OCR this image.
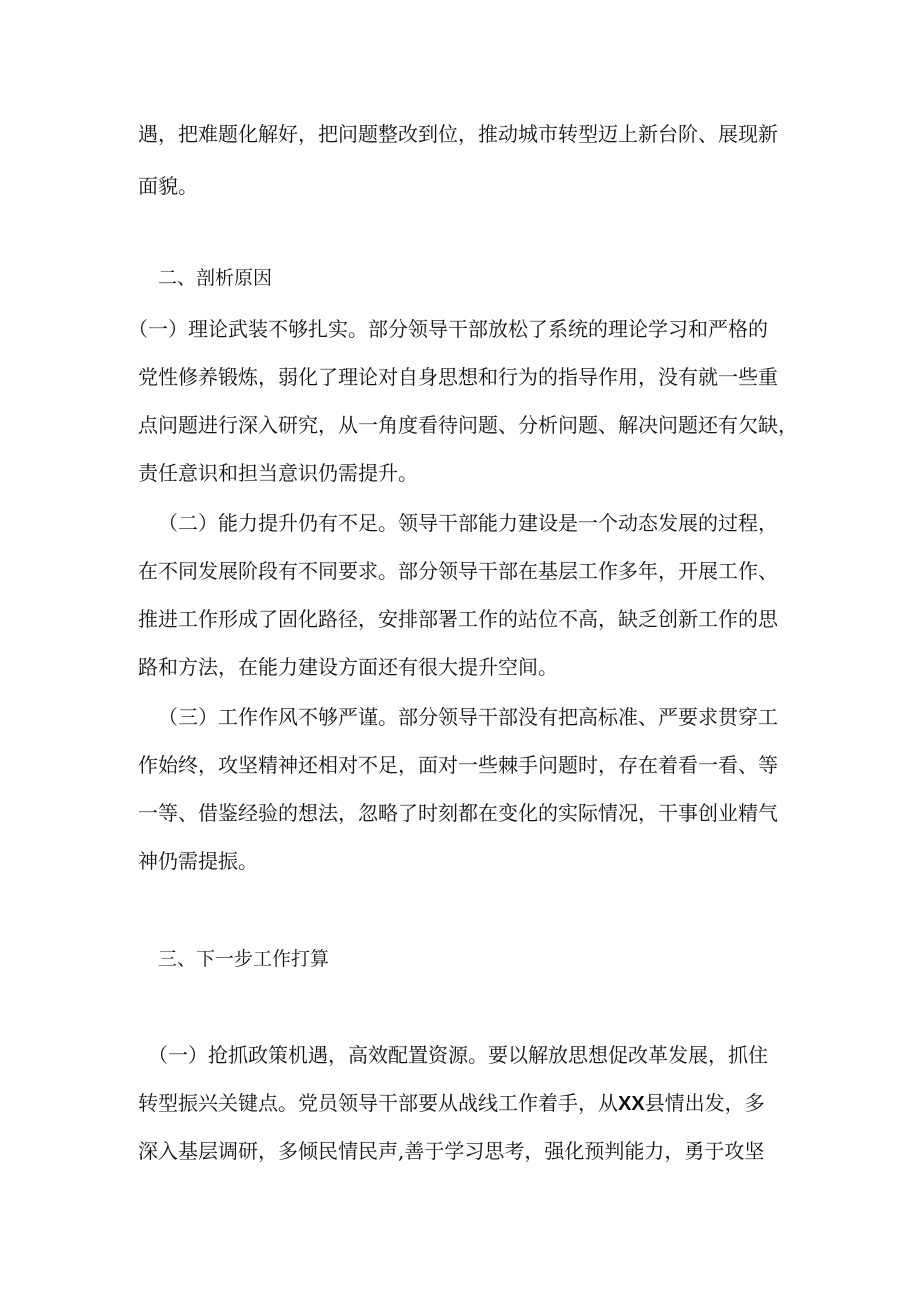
遇，把难题化解好，把问题整改到位，推动城市转型迈上新台阶、展现新
面貌。
二、剖析原因
（一）理论武装不够扎实。部分领导干部放松了系统的理论学习和严格的
党性修养锻炼，弱化了理论对自身思想和行为的指导作用，没有就一些重
点问题进行深入研究，从一角度看待问题、分析问题、解决问题还有欠缺，
责任意识和担当意识仍需提升。
（二）能力提升仍有不足。领导干部能力建设是一个动态发展的过程，
在不同发展阶段有不同要求。部分领导干部在基层工作多年，开展工作、
推进工作形成了固化路径，安排部署工作的站位不高，缺乏创新工作的思
路和方法，在能力建设方面还有很大提升空间。
（三）工作作风不够严谨。部分领导干部没有把高标准、严要求贯穿工
作始终，攻坚精神还相对不足，面对一些棘手问题时，存在着看一看、等
一等、借鉴经验的想法，忽略了时刻都在变化的实际情况，干事创业精气
神仍需提振。
三、下一步工作打算
（一）抢抓政策机遇，高效配置资源。要以解放思想促改革发展，抓住
转型振兴关键点。党员领导干部要从战线工作着手，从XX县情出发，多
深入基层调研，多倾民情民声,善于学习思考，强化预判能力，勇于攻坚
